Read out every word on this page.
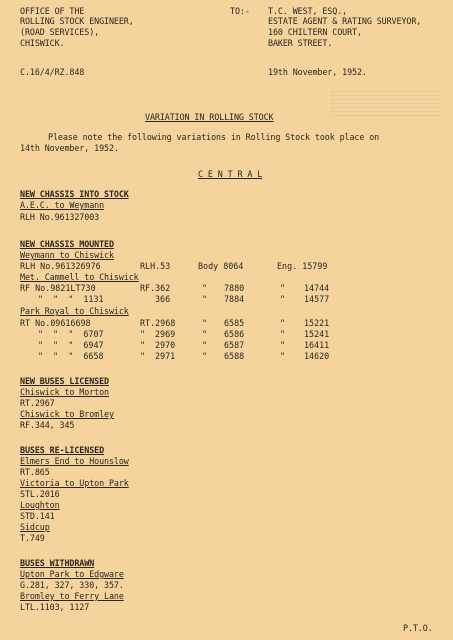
OFFICE OF THE
ROLLING STOCK ENGINEER,
(ROAD SERVICES),
CHISWICK.
TO:- T.C. WEST, ESQ.,
ESTATE AGENT & RATING SURVEYOR,
160 CHILTERN COURT,
BAKER STREET.
C.16/4/RZ.848	19th November, 1952.
VARIATION IN ROLLING STOCK
Please note the following variations in Rolling Stock took place on
14th November, 1952.
C E N T R A L
NEW CHASSIS INTO STOCK
A.E.C. to Weymann
RLH No.961327003
NEW CHASSIS MOUNTED
Weymann to Chiswick
RLH No.961326976	RLH.53	Body 8064	Eng. 15799
Met. Cammell to Chiswick
RF No.9821LT730	RF.362	" 7880	" 14744
"  "  "  1131	366	" 7884	" 14577
Park Royal to Chiswick
RT No.09616698	RT.2968	" 6585	" 15221
"  "  "  6707	" 2969	" 6586	" 15241
"  "  "  6947	" 2970	" 6587	" 16411
"  "  "  6658	" 2971	" 6588	" 14620
NEW BUSES LICENSED
Chiswick to Morton
RT.2967
Chiswick to Bromley
RF.344, 345
BUSES RE-LICENSED
Elmers End to Hounslow
RT.865
Victoria to Upton Park
STL.2016
Loughton
STD.141
Sidcup
T.749
BUSES WITHDRAWN
Upton Park to Edgware
G.281, 327, 330, 357.
Bromley to Ferry Lane
LTL.1103, 1127
P.T.O.
